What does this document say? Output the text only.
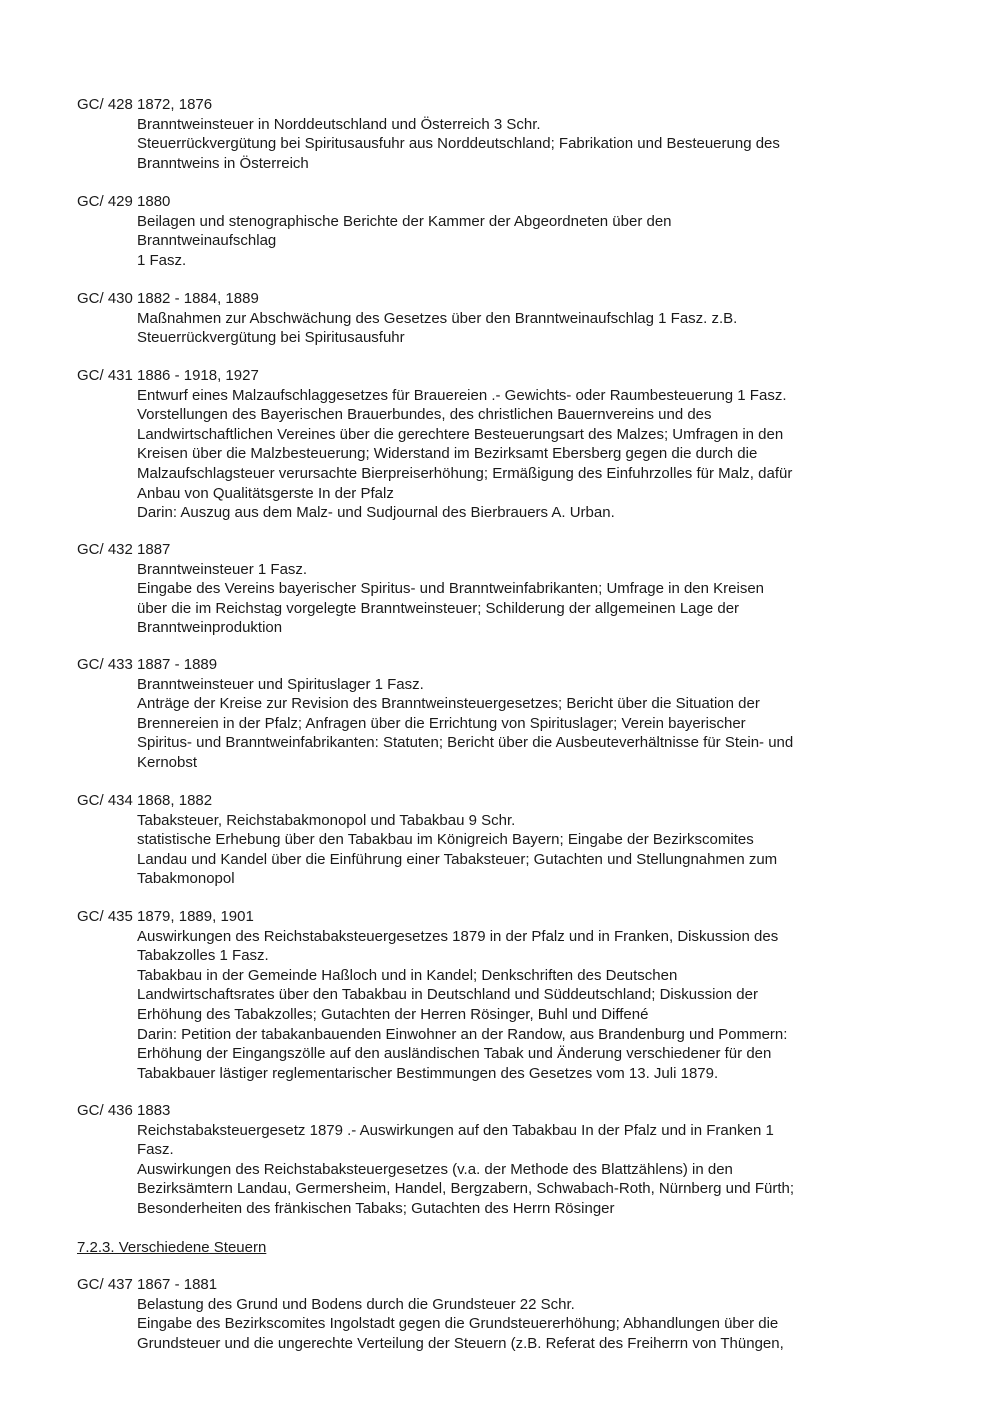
GC/ 428 1872, 1876
Branntweinsteuer in Norddeutschland und Österreich 3 Schr.
Steuerrückvergütung bei Spiritusausfuhr aus Norddeutschland; Fabrikation und Besteuerung des
Branntweins in Österreich
GC/ 429 1880
Beilagen und stenographische Berichte der Kammer der Abgeordneten über den
Branntweinaufschlag
1 Fasz.
GC/ 430 1882 - 1884, 1889
Maßnahmen zur Abschwächung des Gesetzes über den Branntweinaufschlag 1 Fasz. z.B.
Steuerrückvergütung bei Spiritusausfuhr
GC/ 431 1886 - 1918, 1927
Entwurf eines Malzaufschlaggesetzes für Brauereien .- Gewichts- oder Raumbesteuerung 1 Fasz.
Vorstellungen des Bayerischen Brauerbundes, des christlichen Bauernvereins und des
Landwirtschaftlichen Vereines über die gerechtere Besteuerungsart des Malzes; Umfragen in den
Kreisen über die Malzbesteuerung; Widerstand im Bezirksamt Ebersberg gegen die durch die
Malzaufschlagsteuer verursachte Bierpreiserhöhung; Ermäßigung des Einfuhrzolles für Malz, dafür
Anbau von Qualitätsgerste In der Pfalz
Darin: Auszug aus dem Malz- und Sudjournal des Bierbrauers A. Urban.
GC/ 432 1887
Branntweinsteuer 1 Fasz.
Eingabe des Vereins bayerischer Spiritus- und Branntweinfabrikanten; Umfrage in den Kreisen
über die im Reichstag vorgelegte Branntweinsteuer; Schilderung der allgemeinen Lage der
Branntweinproduktion
GC/ 433 1887 - 1889
Branntweinsteuer und Spirituslager 1 Fasz.
Anträge der Kreise zur Revision des Branntweinsteuergesetzes; Bericht über die Situation der
Brennereien in der Pfalz; Anfragen über die Errichtung von Spirituslager; Verein bayerischer
Spiritus- und Branntweinfabrikanten: Statuten; Bericht über die Ausbeuteverhältnisse für Stein- und
Kernobst
GC/ 434 1868, 1882
Tabaksteuer, Reichstabakmonopol und Tabakbau 9 Schr.
statistische Erhebung über den Tabakbau im Königreich Bayern; Eingabe der Bezirkscomites
Landau und Kandel über die Einführung einer Tabaksteuer; Gutachten und Stellungnahmen zum
Tabakmonopol
GC/ 435 1879, 1889, 1901
Auswirkungen des Reichstabaksteuergesetzes 1879 in der Pfalz und in Franken, Diskussion des
Tabakzolles 1 Fasz.
Tabakbau in der Gemeinde Haßloch und in Kandel; Denkschriften des Deutschen
Landwirtschaftsrates über den Tabakbau in Deutschland und Süddeutschland; Diskussion der
Erhöhung des Tabakzolles; Gutachten der Herren Rösinger, Buhl und Diffené
Darin: Petition der tabakanbauenden Einwohner an der Randow, aus Brandenburg und Pommern:
Erhöhung der Eingangszölle auf den ausländischen Tabak und Änderung verschiedener für den
Tabakbauer lästiger reglementarischer Bestimmungen des Gesetzes vom 13. Juli 1879.
GC/ 436 1883
Reichstabaksteuergesetz 1879 .- Auswirkungen auf den Tabakbau In der Pfalz und in Franken 1
Fasz.
Auswirkungen des Reichstabaksteuergesetzes (v.a. der Methode des Blattzählens) in den
Bezirksämtern Landau, Germersheim, Handel, Bergzabern, Schwabach-Roth, Nürnberg und Fürth;
Besonderheiten des fränkischen Tabaks; Gutachten des Herrn Rösinger
7.2.3. Verschiedene Steuern
GC/ 437 1867 - 1881
Belastung des Grund und Bodens durch die Grundsteuer 22 Schr.
Eingabe des Bezirkscomites Ingolstadt gegen die Grundsteuererhöhung; Abhandlungen über die
Grundsteuer und die ungerechte Verteilung der Steuern (z.B. Referat des Freiherrn von Thüngen,
